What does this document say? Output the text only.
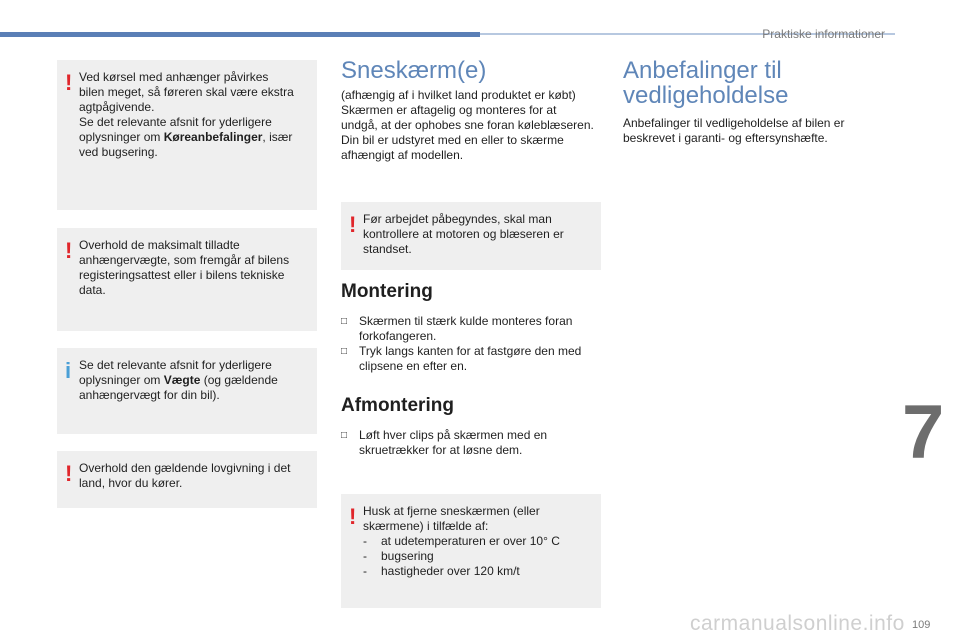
Praktiske informationer
! Ved kørsel med anhænger påvirkes

bilen meget, så føreren skal være ekstra

agtpågivende.

Se det relevante afsnit for yderligere

oplysninger om Køreanbefalinger, især

ved bugsering.

! Overhold de maksimalt tilladte

anhængervægte, som fremgår af bilens

registeringsattest eller i bilens tekniske

data.

i Se det relevante afsnit for yderligere

oplysninger om Vægte (og gældende

anhængervægt for din bil).

! Overhold den gældende lovgivning i det

land, hvor du kører.

Sneskærm(e)
(afhængig af i hvilket land produktet er købt)
Skærmen er aftagelig og monteres for at
undgå, at der ophobes sne foran køleblæseren.
Din bil er udstyret med en eller to skærme
afhængigt af modellen.
! Før arbejdet påbegyndes, skal man

kontrollere at motoren og blæseren er

standset.

Montering
□ Skærmen til stærk kulde monteres foran
forkofangeren.
□ Tryk langs kanten for at fastgøre den med
clipsene en efter en.
Afmontering
□ Løft hver clips på skærmen med en
skruetrækker for at løsne dem.
! Husk at fjerne sneskærmen (eller

skærmene) i tilfælde af:

- at udetemperaturen er over 10° C
- bugsering
- hastigheder over 120 km/t
Anbefalinger til
vedligeholdelse
Anbefalinger til vedligeholdelse af bilen er
beskrevet i garanti- og eftersynshæfte.
7
carmanualsonline.info 109
